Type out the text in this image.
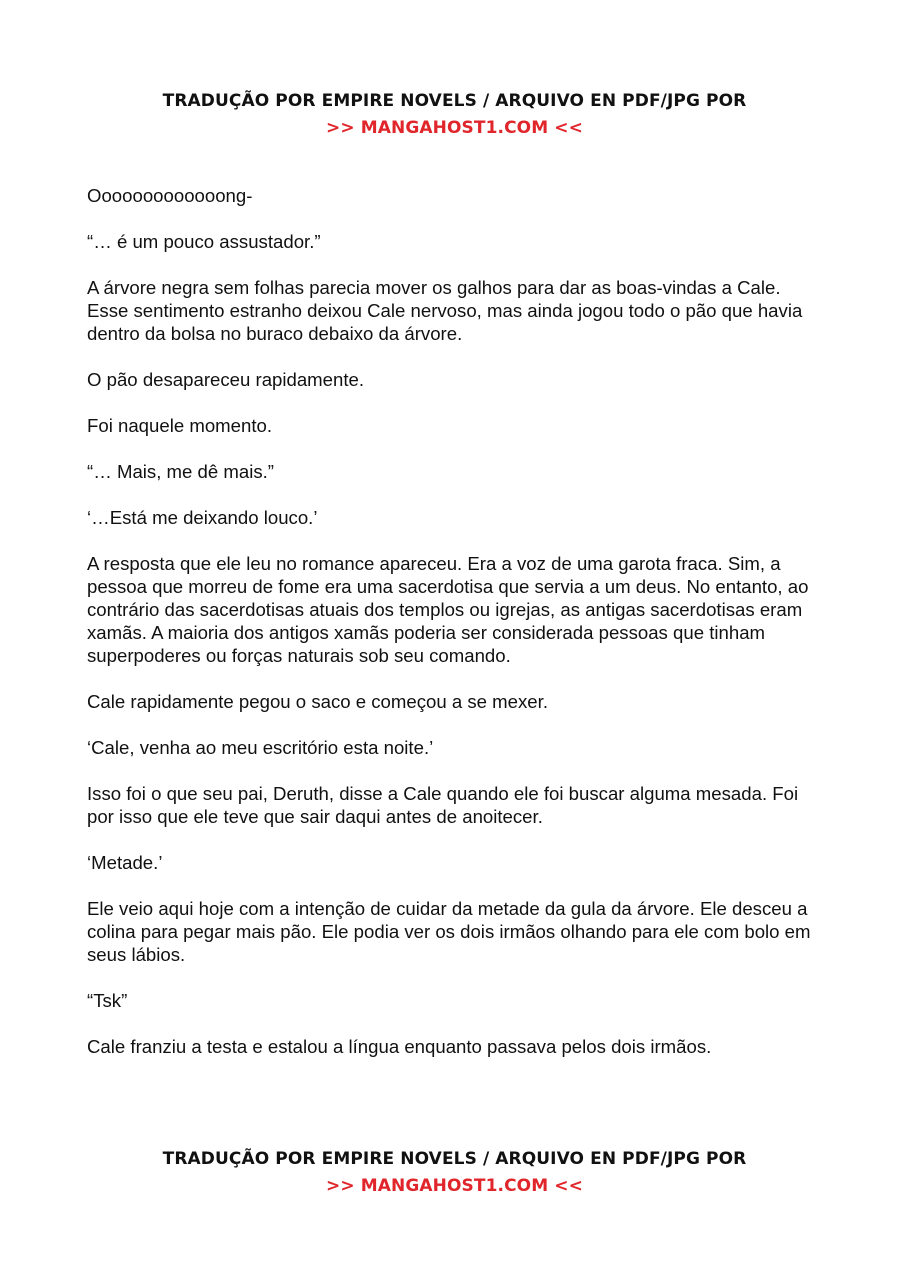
TRADUÇÃO POR EMPIRE NOVELS / ARQUIVO EN PDF/JPG POR
>> MANGAHOST1.COM <<

Ooooooooooooong-

“… é um pouco assustador.”

A árvore negra sem folhas parecia mover os galhos para dar as boas-vindas a Cale. Esse sentimento estranho deixou Cale nervoso, mas ainda jogou todo o pão que havia dentro da bolsa no buraco debaixo da árvore.

O pão desapareceu rapidamente.

Foi naquele momento.

“… Mais, me dê mais.”

‘…Está me deixando louco.’

A resposta que ele leu no romance apareceu. Era a voz de uma garota fraca. Sim, a pessoa que morreu de fome era uma sacerdotisa que servia a um deus. No entanto, ao contrário das sacerdotisas atuais dos templos ou igrejas, as antigas sacerdotisas eram xamãs. A maioria dos antigos xamãs poderia ser considerada pessoas que tinham superpoderes ou forças naturais sob seu comando.

Cale rapidamente pegou o saco e começou a se mexer.

‘Cale, venha ao meu escritório esta noite.’

Isso foi o que seu pai, Deruth, disse a Cale quando ele foi buscar alguma mesada. Foi por isso que ele teve que sair daqui antes de anoitecer.

‘Metade.’

Ele veio aqui hoje com a intenção de cuidar da metade da gula da árvore. Ele desceu a colina para pegar mais pão. Ele podia ver os dois irmãos olhando para ele com bolo em seus lábios.

“Tsk”

Cale franziu a testa e estalou a língua enquanto passava pelos dois irmãos.

TRADUÇÃO POR EMPIRE NOVELS / ARQUIVO EN PDF/JPG POR
>> MANGAHOST1.COM <<
